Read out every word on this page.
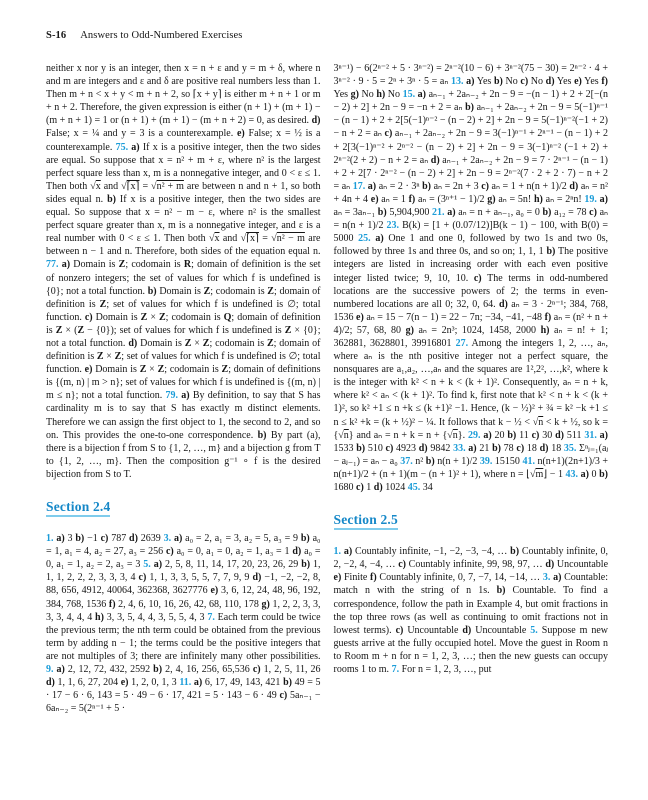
S-16 Answers to Odd-Numbered Exercises
neither x nor y is an integer, then x = n + ε and y = m + δ, where n and m are integers and ε and δ are positive real numbers less than 1. Then m + n < x + y < m + n + 2, so ⌈x + y⌉ is either m + n + 1 or m + n + 2. Therefore, the given expression is either (n + 1) + (m + 1) − (m + n + 1) = 1 or (n + 1) + (m + 1) − (m + n + 2) = 0, as desired. d) False; x = ¼ and y = 3 is a counterexample. e) False; x = ½ is a counterexample. 75. a) If x is a positive integer, then the two sides are equal. So suppose that x = n² + m + ε, where n² is the largest perfect square less than x, m is a nonnegative integer, and 0 < ε ≤ 1. Then both √x and √⌈x⌉ = √n² + m are between n and n + 1, so both sides equal n. b) If x is a positive integer, then the two sides are equal. So suppose that x = n² − m − ε, where n² is the smallest perfect square greater than x, m is a nonnegative integer, and ε is a real number with 0 < ε ≤ 1. Then both √x and √⌈x⌉ = √n² − m are between n − 1 and n. Therefore, both sides of the equation equal n. 77. a) Domain is Z; codomain is R; domain of definition is the set of nonzero integers; the set of values for which f is undefined is {0}; not a total function. b) Domain is Z; codomain is Z; domain of definition is Z; set of values for which f is undefined is ∅; total function. c) Domain is Z × Z; codomain is Q; domain of definition is Z × (Z − {0}); set of values for which f is undefined is Z × {0}; not a total function. d) Domain is Z × Z; codomain is Z; domain of definition is Z × Z; set of values for which f is undefined is ∅; total function. e) Domain is Z × Z; codomain is Z; domain of definitions is {(m, n) | m > n}; set of values for which f is undefined is {(m, n) | m ≤ n}; not a total function. 79. a) By definition, to say that S has cardinality m is to say that S has exactly m distinct elements. Therefore we can assign the first object to 1, the second to 2, and so on. This provides the one-to-one correspondence. b) By part (a), there is a bijection f from S to {1, 2, …, m} and a bijection g from T to {1, 2, …, m}. Then the composition g⁻¹ ∘ f is the desired bijection from S to T.
Section 2.4
1. a) 3 b) −1 c) 787 d) 2639 3. a) a₀ = 2, a₁ = 3, a₂ = 5, a₃ = 9 b) a₀ = 1, a₁ = 4, a₂ = 27, a₃ = 256 c) a₀ = 0, a₁ = 0, a₂ = 1, a₃ = 1 d) a₀ = 0, a₁ = 1, a₂ = 2, a₃ = 3 5. a) 2, 5, 8, 11, 14, 17, 20, 23, 26, 29 b) 1, 1, 1, 2, 2, 2, 3, 3, 3, 4 c) 1, 1, 3, 3, 5, 5, 7, 7, 9, 9 d) −1, −2, −2, 8, 88, 656, 4912, 40064, 362368, 3627776 e) 3, 6, 12, 24, 48, 96, 192, 384, 768, 1536 f) 2, 4, 6, 10, 16, 26, 42, 68, 110, 178 g) 1, 2, 2, 3, 3, 3, 3, 4, 4, 4 h) 3, 3, 5, 4, 4, 3, 5, 5, 4, 3 7. Each term could be twice the previous term; the nth term could be obtained from the previous term by adding n − 1; the terms could be the positive integers that are not multiples of 3; there are infinitely many other possibilities. 9. a) 2, 12, 72, 432, 2592 b) 2, 4, 16, 256, 65,536 c) 1, 2, 5, 11, 26 d) 1, 1, 6, 27, 204 e) 1, 2, 0, 1, 3 11. a) 6, 17, 49, 143, 421 b) 49 = 5 · 17 − 6 · 6, 143 = 5 · 49 − 6 · 17, 421 = 5 · 143 − 6 · 49 c) 5aₙ₋₁ − 6aₙ₋₂ = 5(2ⁿ⁻¹ + 5 ·
3ⁿ⁻¹) − 6(2ⁿ⁻² + 5 · 3ⁿ⁻²) = 2ⁿ⁻²(10 − 6) + 3ⁿ⁻²(75 − 30) = 2ⁿ⁻² · 4 + 3ⁿ⁻² · 9 · 5 = 2ⁿ + 3ⁿ · 5 = aₙ 13. a) Yes b) No c) No d) Yes e) Yes f) Yes g) No h) No 15. a) aₙ₋₁ + 2aₙ₋₂ + 2n − 9 = −(n − 1) + 2 + 2[−(n − 2) + 2] + 2n − 9 = −n + 2 = aₙ b) aₙ₋₁ + 2aₙ₋₂ + 2n − 9 = 5(−1)ⁿ⁻¹ − (n − 1) + 2 + 2[5(−1)ⁿ⁻² − (n − 2) + 2] + 2n − 9 = 5(−1)ⁿ⁻²(−1 + 2) − n + 2 = aₙ c) aₙ₋₁ + 2aₙ₋₂ + 2n − 9 = 3(−1)ⁿ⁻¹ + 2ⁿ⁻¹ − (n − 1) + 2 + 2[3(−1)ⁿ⁻² + 2ⁿ⁻² − (n − 2) + 2] + 2n − 9 = 3(−1)ⁿ⁻² (−1 + 2) + 2ⁿ⁻²(2 + 2) − n + 2 = aₙ d) aₙ₋₁ + 2aₙ₋₂ + 2n − 9 = 7 · 2ⁿ⁻¹ − (n − 1) + 2 + 2[7 · 2ⁿ⁻² − (n − 2) + 2] + 2n − 9 = 2ⁿ⁻²(7 · 2 + 2 · 7) − n + 2 = aₙ 17. a) aₙ = 2 · 3ⁿ b) aₙ = 2n + 3 c) aₙ = 1 + n(n + 1)/2 d) aₙ = n² + 4n + 4 e) aₙ = 1 f) aₙ = (3ⁿ⁺¹ − 1)/2 g) aₙ = 5n! h) aₙ = 2ⁿn! 19. a) aₙ = 3aₙ₋₁ b) 5,904,900 21. a) aₙ = n + aₙ₋₁, a₀ = 0 b) a₁₂ = 78 c) aₙ = n(n + 1)/2 23. B(k) = [1 + (0.07/12)]B(k − 1) − 100, with B(0) = 5000 25. a) One 1 and one 0, followed by two 1s and two 0s, followed by three 1s and three 0s, and so on; 1, 1, 1 b) The positive integers are listed in increasing order with each even positive integer listed twice; 9, 10, 10. c) The terms in odd-numbered locations are the successive powers of 2; the terms in even-numbered locations are all 0; 32, 0, 64. d) aₙ = 3 · 2ⁿ⁻¹; 384, 768, 1536 e) aₙ = 15 − 7(n − 1) = 22 − 7n; −34, −41, −48 f) aₙ = (n² + n + 4)/2; 57, 68, 80 g) aₙ = 2n³; 1024, 1458, 2000 h) aₙ = n! + 1; 362881, 3628801, 39916801 27. Among the integers 1, 2, …, aₙ, where aₙ is the nth positive integer not a perfect square, the nonsquares are a₁,a₂, …,aₙ and the squares are 1²,2², …,k², where k is the integer with k² < n + k < (k + 1)². Consequently, aₙ = n + k, where k² < aₙ < (k + 1)². To find k, first note that k² < n + k < (k + 1)², so k² +1 ≤ n +k ≤ (k +1)² −1. Hence, (k − ½)² + ¾ = k² −k +1 ≤ n ≤ k² +k = (k + ½)² − ¼. It follows that k − ½ < √n < k + ½, so k = {√n} and aₙ = n + k = n + {√n}. 29. a) 20 b) 11 c) 30 d) 511 31. a) 1533 b) 510 c) 4923 d) 9842 33. a) 21 b) 78 c) 18 d) 18 35. Σⁿⱼ₌₁(aⱼ − aⱼ₋₁) = aₙ − a₀ 37. n² b) n(n + 1)/2 39. 15150 41. n(n+1)(2n+1)/3 + n(n+1)/2 + (n + 1)(m − (n + 1)² + 1), where n = ⌊√m⌋ − 1 43. a) 0 b) 1680 c) 1 d) 1024 45. 34
Section 2.5
1. a) Countably infinite, −1, −2, −3, −4, … b) Countably infinite, 0, 2, −2, 4, −4, … c) Countably infinite, 99, 98, 97, … d) Uncountable e) Finite f) Countably infinite, 0, 7, −7, 14, −14, … 3. a) Countable: match n with the string of n 1s. b) Countable. To find a correspondence, follow the path in Example 4, but omit fractions in the top three rows (as well as continuing to omit fractions not in lowest terms). c) Uncountable d) Uncountable 5. Suppose m new guests arrive at the fully occupied hotel. Move the guest in Room n to Room m + n for n = 1, 2, 3, …; then the new guests can occupy rooms 1 to m. 7. For n = 1, 2, 3, …, put
